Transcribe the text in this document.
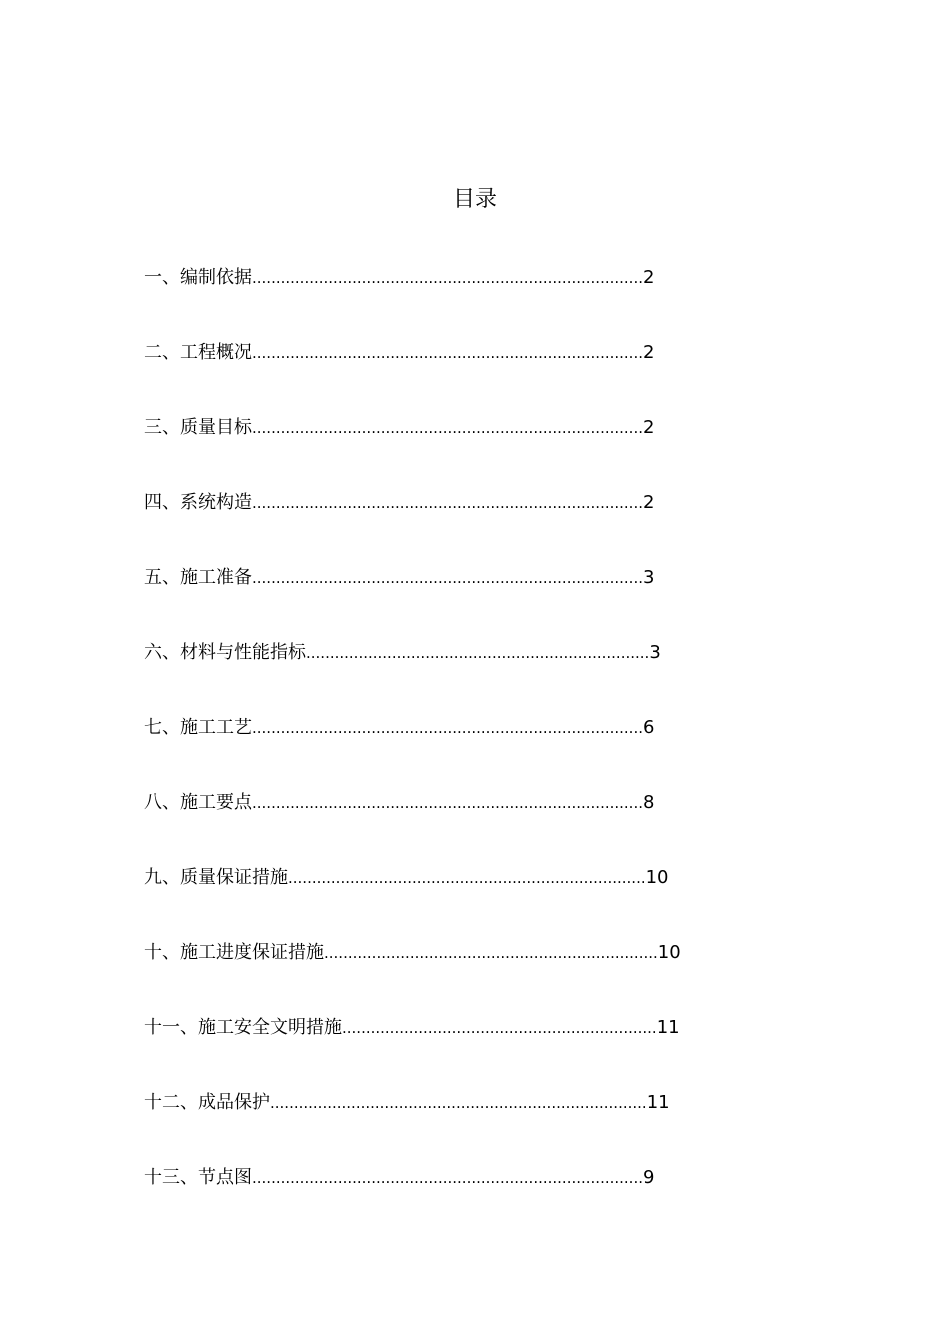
目录
一、编制依据..................................................................................2
二、工程概况..................................................................................2
三、质量目标..................................................................................2
四、系统构造..................................................................................2
五、施工准备..................................................................................3
六、材料与性能指标........................................................................3
七、施工工艺..................................................................................6
八、施工要点..................................................................................8
九、质量保证措施...........................................................................10
十、施工进度保证措施......................................................................10
十一、施工安全文明措施..................................................................11
十二、成品保护...............................................................................11
十三、节点图..................................................................................9
